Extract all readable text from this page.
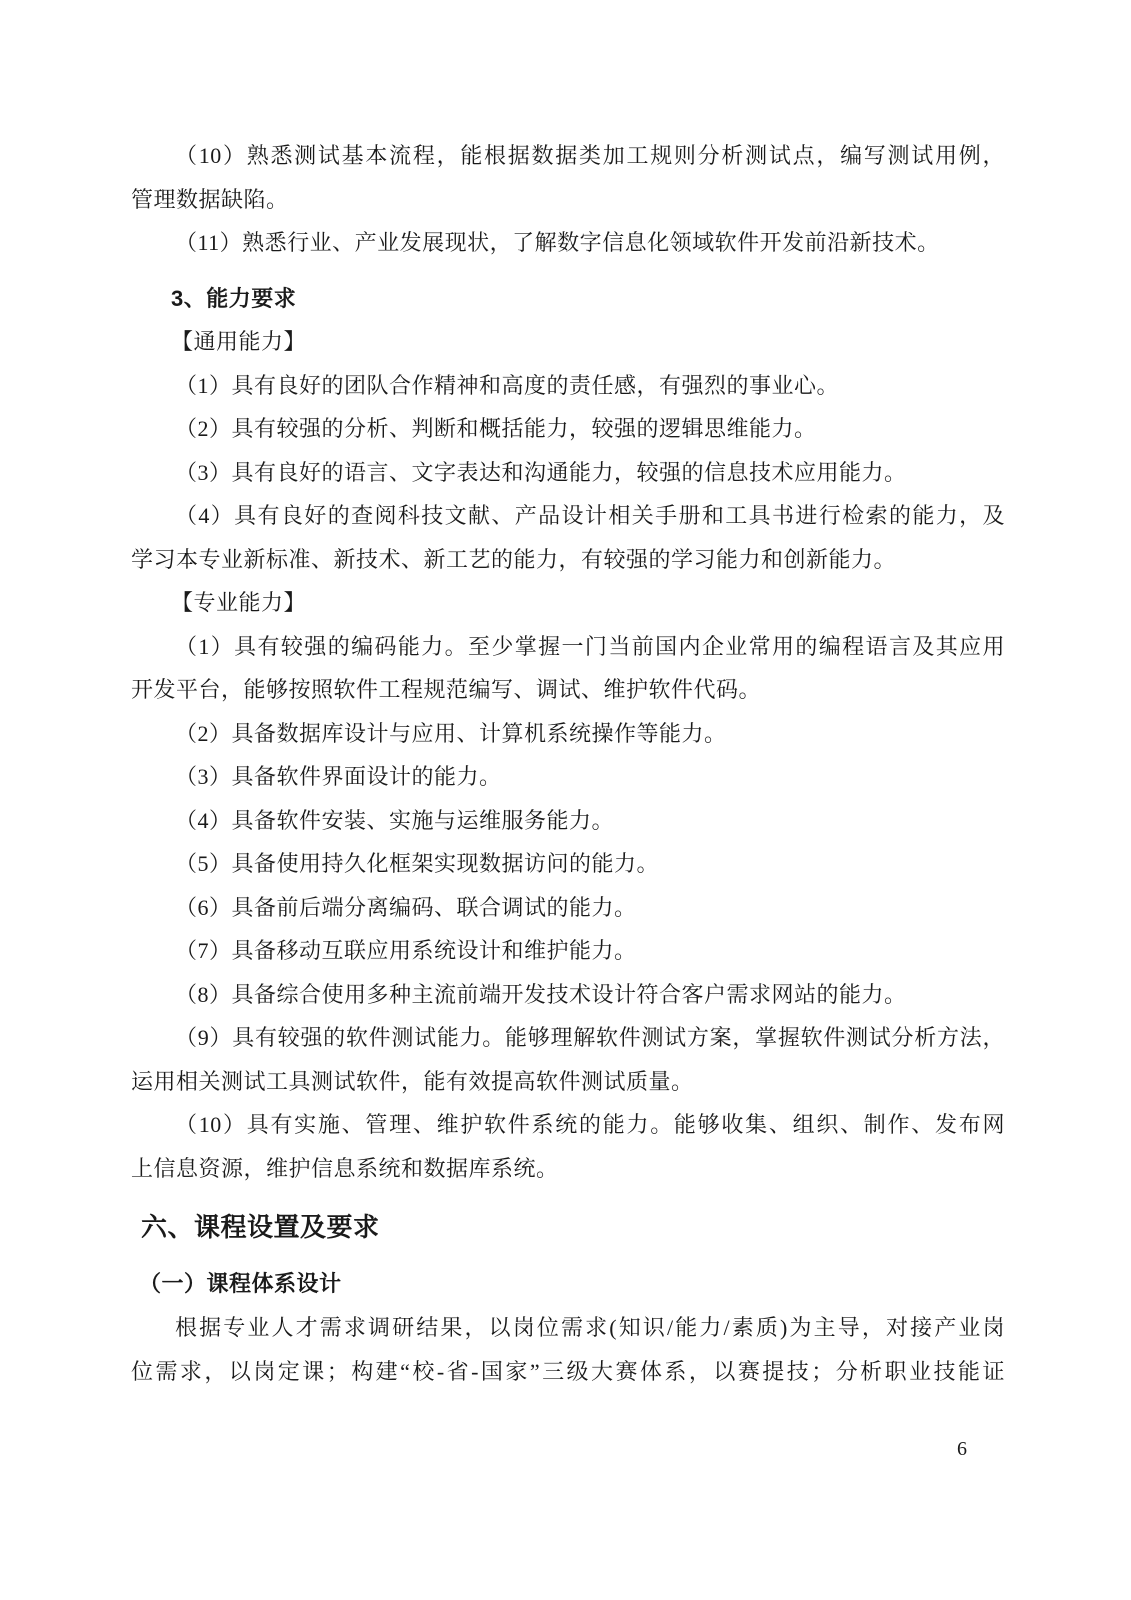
（10）熟悉测试基本流程，能根据数据类加工规则分析测试点，编写测试用例，
管理数据缺陷。
（11）熟悉行业、产业发展现状，了解数字信息化领域软件开发前沿新技术。
3、能力要求
【通用能力】
（1）具有良好的团队合作精神和高度的责任感，有强烈的事业心。
（2）具有较强的分析、判断和概括能力，较强的逻辑思维能力。
（3）具有良好的语言、文字表达和沟通能力，较强的信息技术应用能力。
（4）具有良好的查阅科技文献、产品设计相关手册和工具书进行检索的能力，及
学习本专业新标准、新技术、新工艺的能力，有较强的学习能力和创新能力。
【专业能力】
（1）具有较强的编码能力。至少掌握一门当前国内企业常用的编程语言及其应用
开发平台，能够按照软件工程规范编写、调试、维护软件代码。
（2）具备数据库设计与应用、计算机系统操作等能力。
（3）具备软件界面设计的能力。
（4）具备软件安装、实施与运维服务能力。
（5）具备使用持久化框架实现数据访问的能力。
（6）具备前后端分离编码、联合调试的能力。
（7）具备移动互联应用系统设计和维护能力。
（8）具备综合使用多种主流前端开发技术设计符合客户需求网站的能力。
（9）具有较强的软件测试能力。能够理解软件测试方案，掌握软件测试分析方法，
运用相关测试工具测试软件，能有效提高软件测试质量。
（10）具有实施、管理、维护软件系统的能力。能够收集、组织、制作、发布网
上信息资源，维护信息系统和数据库系统。
六、课程设置及要求
（一）课程体系设计
根据专业人才需求调研结果，以岗位需求(知识/能力/素质)为主导，对接产业岗
位需求，以岗定课；构建“校-省-国家”三级大赛体系，以赛提技；分析职业技能证
6
